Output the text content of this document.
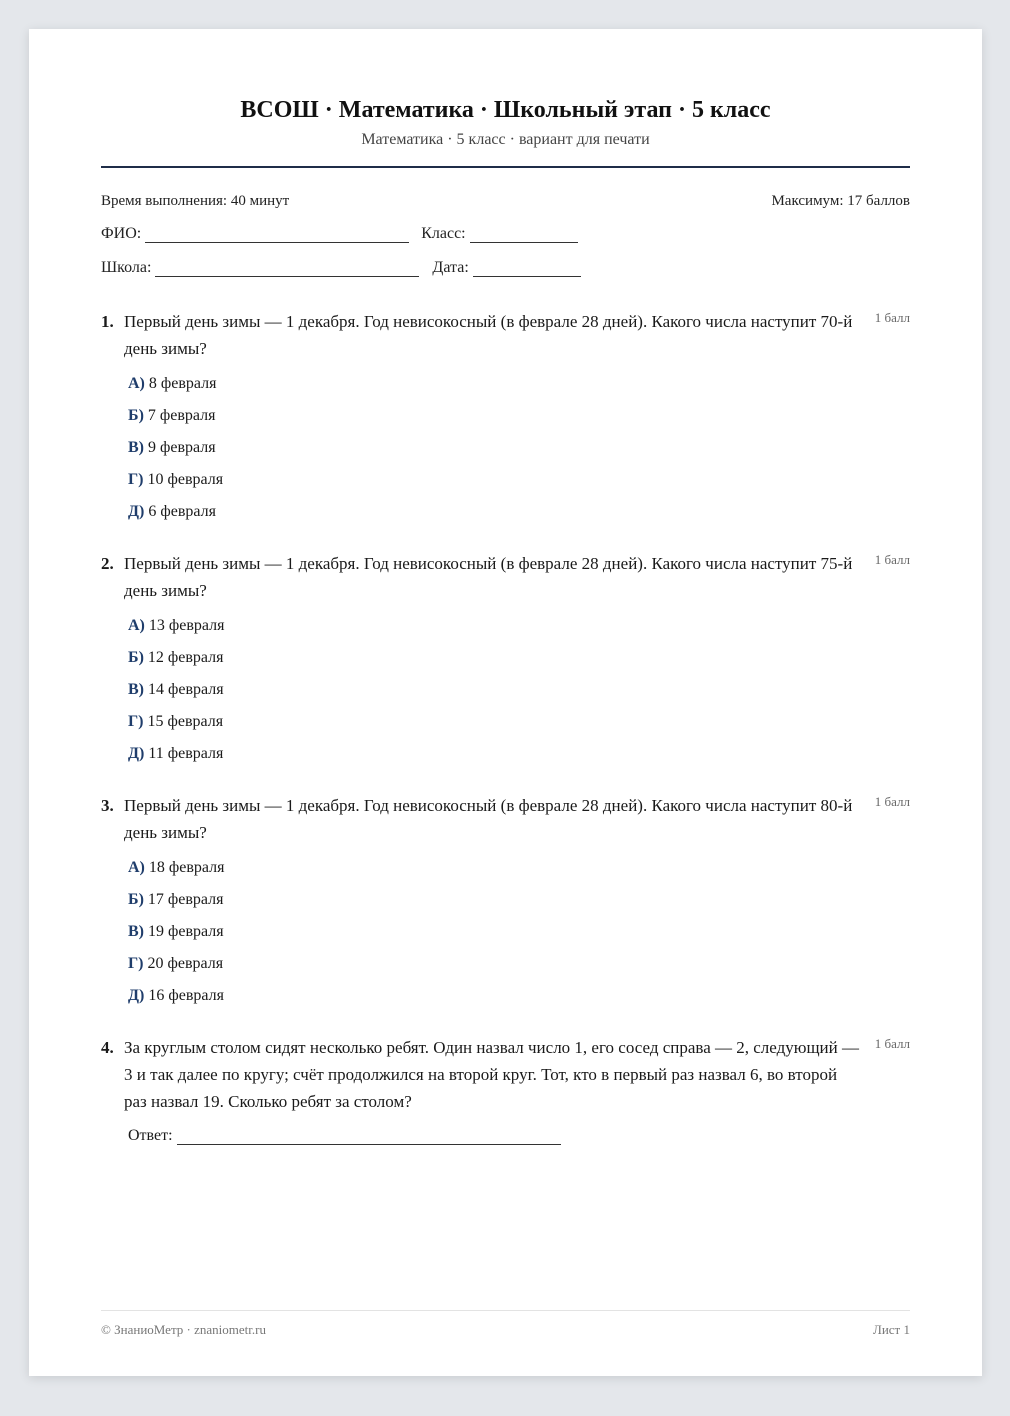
ВСОШ · Математика · Школьный этап · 5 класс
Математика · 5 класс · вариант для печати
Время выполнения: 40 минут	Максимум: 17 баллов
ФИО:	Класс:
Школа:	Дата:
1. Первый день зимы — 1 декабря. Год невисокосный (в феврале 28 дней). Какого числа наступит 70-й день зимы?
1 балл
А) 8 февраля
Б) 7 февраля
В) 9 февраля
Г) 10 февраля
Д) 6 февраля
2. Первый день зимы — 1 декабря. Год невисокосный (в феврале 28 дней). Какого числа наступит 75-й день зимы?
1 балл
А) 13 февраля
Б) 12 февраля
В) 14 февраля
Г) 15 февраля
Д) 11 февраля
3. Первый день зимы — 1 декабря. Год невисокосный (в феврале 28 дней). Какого числа наступит 80-й день зимы?
1 балл
А) 18 февраля
Б) 17 февраля
В) 19 февраля
Г) 20 февраля
Д) 16 февраля
4. За круглым столом сидят несколько ребят. Один назвал число 1, его сосед справа — 2, следующий — 3 и так далее по кругу; счёт продолжился на второй круг. Тот, кто в первый раз назвал 6, во второй раз назвал 19. Сколько ребят за столом?
1 балл
Ответ:
© ЗнаниоМетр · znaniometr.ru	Лист 1
